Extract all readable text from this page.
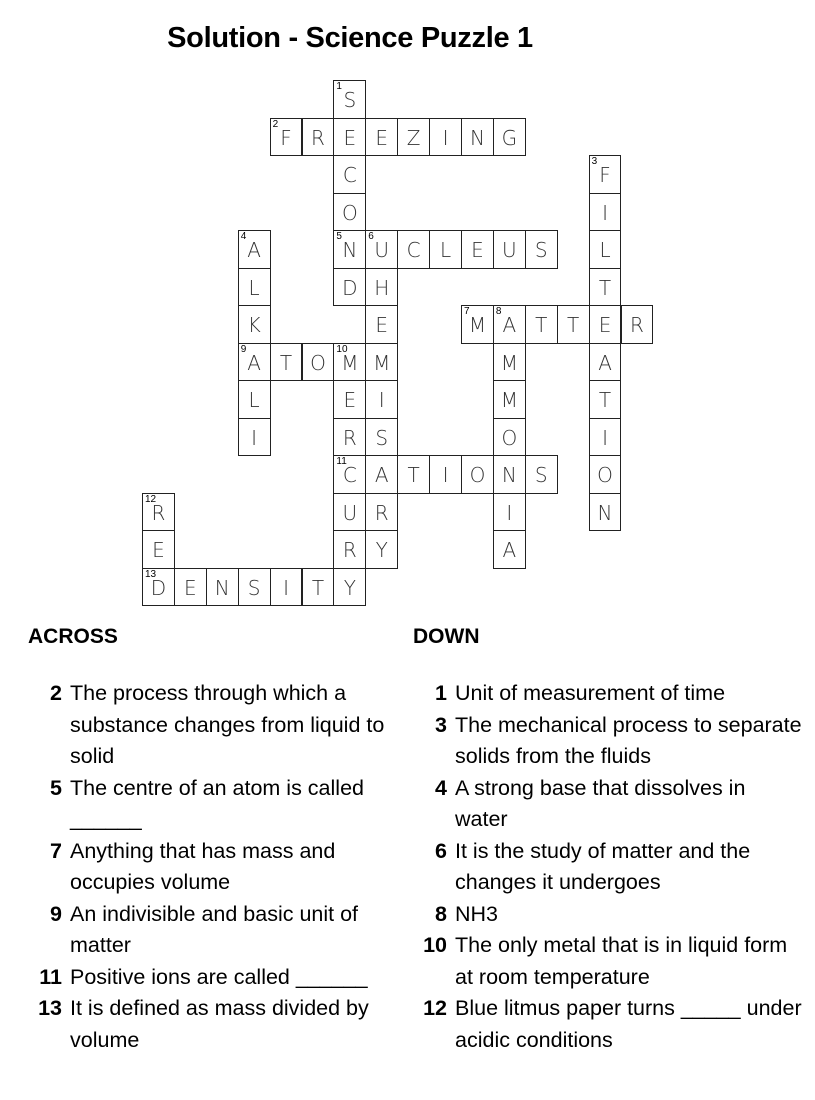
Solution - Science Puzzle 1
2
F R E E Z	I	N G
5
N
6
U C L	E U S
7
M
8
A T T E R
9
A T O
10
M
11
C A T	I	O N S
13
D E N S	I	T Y
1
S
C
O
D
3
F
I
L
T
A
T
I
O
N
4
A
L
K
L
I
H
E
M
I
S
R
Y
M
M
O
I
A
E
R
U
R
12
R
E
ACROSS
2 The process through which a substance changes from liquid to solid
5 The centre of an atom is called ______
7 Anything that has mass and occupies volume
9 An indivisible and basic unit of matter
11 Positive ions are called ______
13 It is defined as mass divided by volume
DOWN
1 Unit of measurement of time
3 The mechanical process to separate solids from the fluids
4 A strong base that dissolves in water
6 It is the study of matter and the changes it undergoes
8 NH3
10 The only metal that is in liquid form at room temperature
12 Blue litmus paper turns _____ under acidic conditions
